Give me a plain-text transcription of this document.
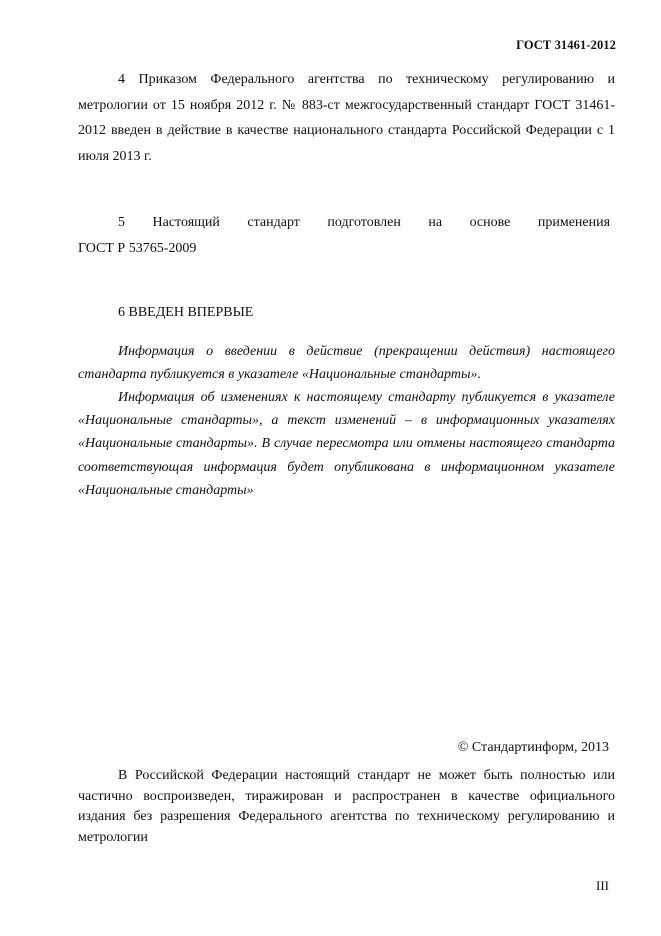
ГОСТ 31461-2012

4 Приказом Федерального агентства по техническому регулированию и метрологии от 15 ноября 2012 г. № 883-ст межгосударственный стандарт ГОСТ 31461-2012 введен в действие в качестве национального стандарта Российской Федерации с 1 июля 2013 г.

5 Настоящий стандарт подготовлен на основе применения
ГОСТ Р 53765-2009

6 ВВЕДЕН ВПЕРВЫЕ

Информация о введении в действие (прекращении действия) настоящего стандарта публикуется в указателе «Национальные стандарты».

Информация об изменениях к настоящему стандарту публикуется в указателе «Национальные стандарты», а текст изменений – в информационных указателях «Национальные стандарты». В случае пересмотра или отмены настоящего стандарта соответствующая информация будет опубликована в информационном указателе «Национальные стандарты»

© Стандартинформ, 2013

В Российской Федерации настоящий стандарт не может быть полностью или частично воспроизведен, тиражирован и распространен в качестве официального издания без разрешения Федерального агентства по техническому регулированию и метрологии

III
